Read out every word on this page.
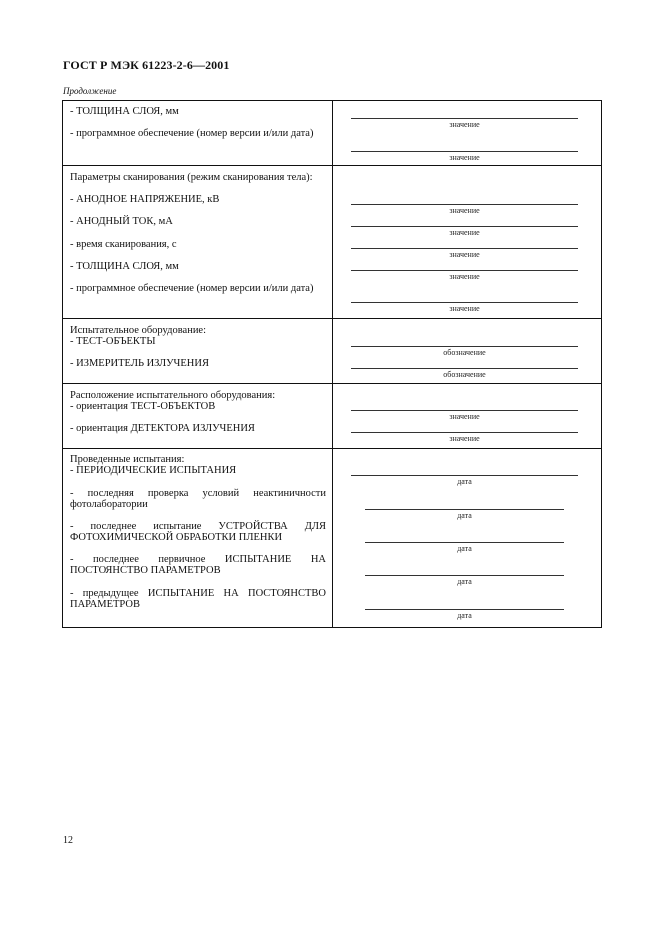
ГОСТ Р МЭК 61223-2-6—2001
Продолжение
- ТОЛЩИНА СЛОЯ, мм
- программное обеспечение (номер версии и/или дата)
значение
значение
Параметры сканирования (режим сканирования тела):
- АНОДНОЕ НАПРЯЖЕНИЕ, кВ
- АНОДНЫЙ ТОК, мА
- время сканирования, с
- ТОЛЩИНА СЛОЯ, мм
- программное обеспечение (номер версии и/или дата)
значение
значение
значение
значение
значение
Испытательное оборудование:
- ТЕСТ-ОБЪЕКТЫ
- ИЗМЕРИТЕЛЬ ИЗЛУЧЕНИЯ
обозначение
обозначение
Расположение испытательного оборудования:
- ориентация ТЕСТ-ОБЪЕКТОВ
- ориентация ДЕТЕКТОРА ИЗЛУЧЕНИЯ
значение
значение
Проведенные испытания:
- ПЕРИОДИЧЕСКИЕ ИСПЫТАНИЯ
- последняя проверка условий неактиничности фотолаборатории
- последнее испытание УСТРОЙСТВА ДЛЯ ФОТОХИМИЧЕСКОЙ ОБРАБОТКИ ПЛЕНКИ
- последнее первичное ИСПЫТАНИЕ НА ПОСТОЯНСТВО ПАРАМЕТРОВ
- предыдущее ИСПЫТАНИЕ НА ПОСТОЯНСТВО ПАРАМЕТРОВ
дата
дата
дата
дата
дата
12
